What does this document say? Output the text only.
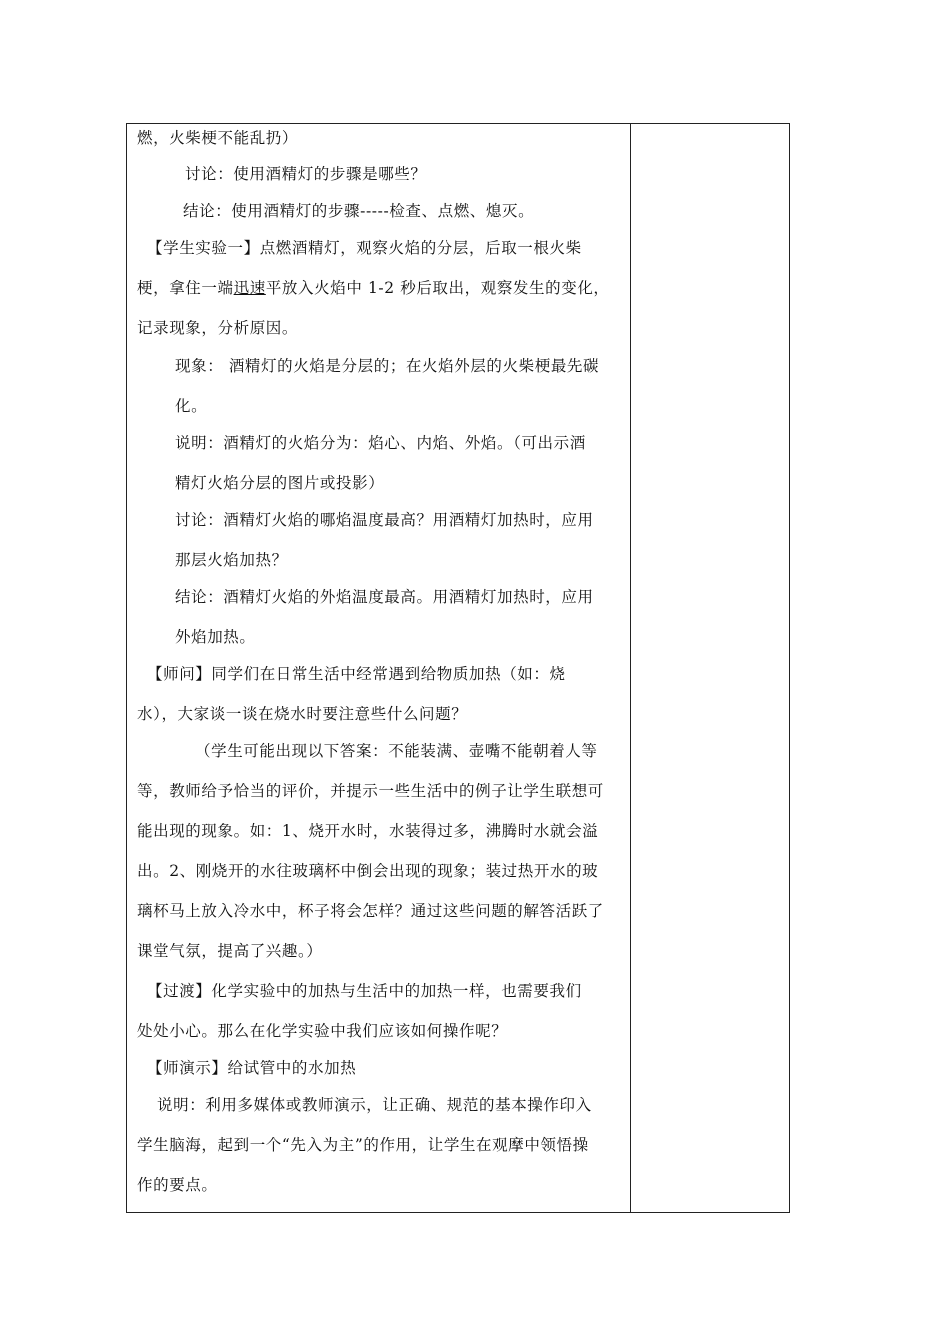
燃，火柴梗不能乱扔）
讨论：使用酒精灯的步骤是哪些？
结论：使用酒精灯的步骤-----检查、点燃、熄灭。
【学生实验一】点燃酒精灯，观察火焰的分层，后取一根火柴
梗，拿住一端迅速平放入火焰中 1-2 秒后取出，观察发生的变化，
记录现象，分析原因。
现象： 酒精灯的火焰是分层的；在火焰外层的火柴梗最先碳
化。
说明：酒精灯的火焰分为：焰心、内焰、外焰。（可出示酒
精灯火焰分层的图片或投影）
讨论：酒精灯火焰的哪焰温度最高？用酒精灯加热时，应用
那层火焰加热？
结论：酒精灯火焰的外焰温度最高。用酒精灯加热时，应用
外焰加热。
【师问】同学们在日常生活中经常遇到给物质加热（如：烧
水），大家谈一谈在烧水时要注意些什么问题？
（学生可能出现以下答案：不能装满、壶嘴不能朝着人等
等，教师给予恰当的评价，并提示一些生活中的例子让学生联想可
能出现的现象。如：1、烧开水时，水装得过多，沸腾时水就会溢
出。2、刚烧开的水往玻璃杯中倒会出现的现象；装过热开水的玻
璃杯马上放入冷水中，杯子将会怎样？通过这些问题的解答活跃了
课堂气氛，提高了兴趣。）
【过渡】化学实验中的加热与生活中的加热一样，也需要我们
处处小心。那么在化学实验中我们应该如何操作呢？
【师演示】给试管中的水加热
说明：利用多媒体或教师演示，让正确、规范的基本操作印入
学生脑海，起到一个“先入为主”的作用，让学生在观摩中领悟操
作的要点。
